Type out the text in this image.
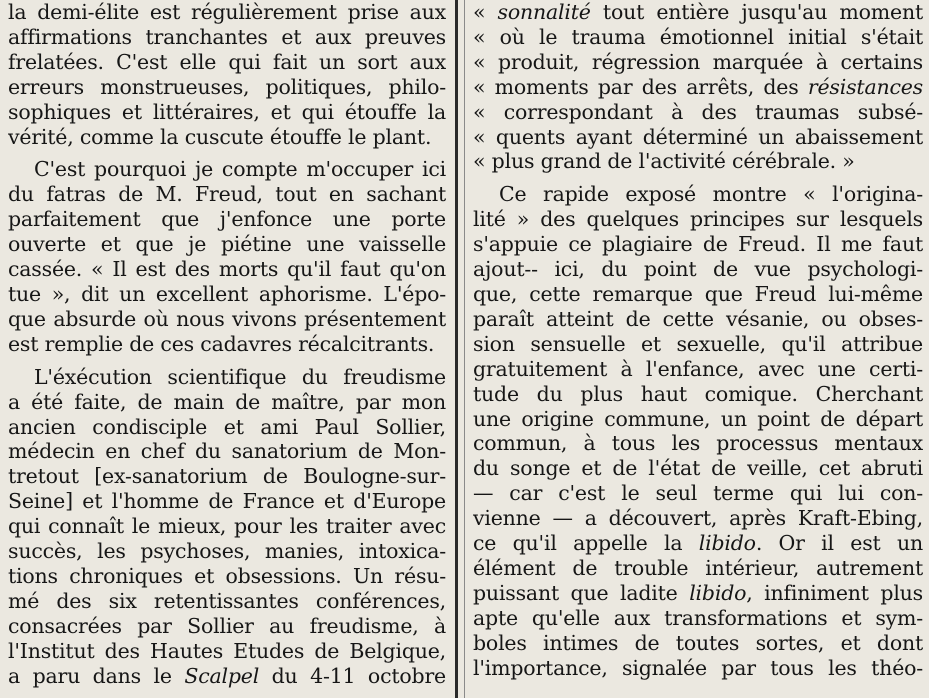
la demi-élite est régulièrement prise aux
affirmations tranchantes et aux preuves
frelatées. C'est elle qui fait un sort aux
erreurs monstrueuses, politiques, philo-
sophiques et littéraires, et qui étouffe la
vérité, comme la cuscute étouffe le plant.
C'est pourquoi je compte m'occuper ici
du fatras de M. Freud, tout en sachant
parfaitement que j'enfonce une porte
ouverte et que je piétine une vaisselle
cassée. « Il est des morts qu'il faut qu'on
tue », dit un excellent aphorisme. L'épo-
que absurde où nous vivons présentement
est remplie de ces cadavres récalcitrants.
L'éxécution scientifique du freudisme
a été faite, de main de maître, par mon
ancien condisciple et ami Paul Sollier,
médecin en chef du sanatorium de Mon-
tretout [ex-sanatorium de Boulogne-sur-
Seine] et l'homme de France et d'Europe
qui connaît le mieux, pour les traiter avec
succès, les psychoses, manies, intoxica-
tions chroniques et obsessions. Un résu-
mé des six retentissantes conférences,
consacrées par Sollier au freudisme, à
l'Institut des Hautes Etudes de Belgique,
a paru dans le Scalpel du 4-11 octobre
« sonnalité tout entière jusqu'au moment
« où le trauma émotionnel initial s'était
« produit, régression marquée à certains
« moments par des arrêts, des résistances
« correspondant à des traumas subsé-
« quents ayant déterminé un abaissement
« plus grand de l'activité cérébrale. »
Ce rapide exposé montre « l'origina-
lité » des quelques principes sur lesquels
s'appuie ce plagiaire de Freud. Il me faut
ajout-- ici, du point de vue psychologi-
que, cette remarque que Freud lui-même
paraît atteint de cette vésanie, ou obses-
sion sensuelle et sexuelle, qu'il attribue
gratuitement à l'enfance, avec une certi-
tude du plus haut comique. Cherchant
une origine commune, un point de départ
commun, à tous les processus mentaux
du songe et de l'état de veille, cet abruti
— car c'est le seul terme qui lui con-
vienne — a découvert, après Kraft-Ebing,
ce qu'il appelle la libido. Or il est un
élément de trouble intérieur, autrement
puissant que ladite libido, infiniment plus
apte qu'elle aux transformations et sym-
boles intimes de toutes sortes, et dont
l'importance, signalée par tous les théo-
